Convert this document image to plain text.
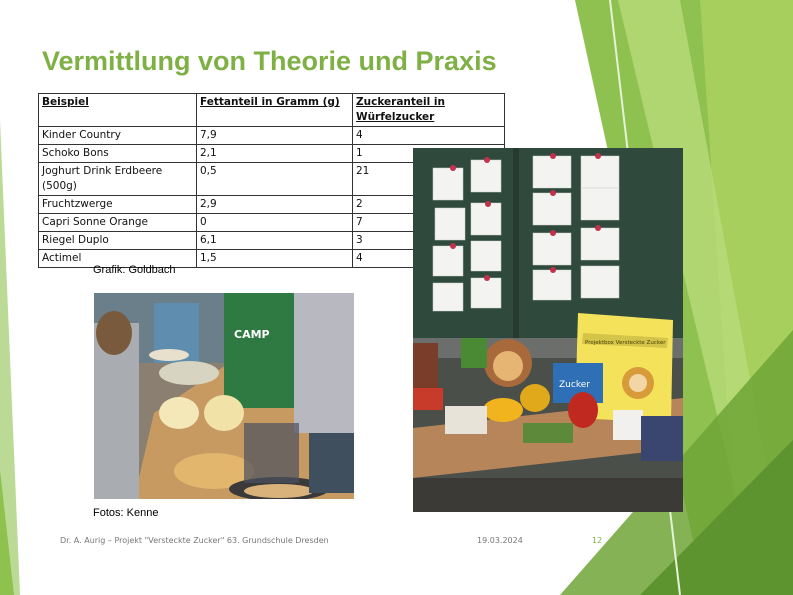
Vermittlung von Theorie und Praxis
Beispiel	Fettanteil in Gramm (g)	Zuckeranteil in Würfelzucker
Kinder Country	7,9	4
Schoko Bons	2,1	1
Joghurt Drink Erdbeere (500g)	0,5	21
Fruchtzwerge	2,9	2
Capri Sonne Orange	0	7
Riegel Duplo	6,1	3
Actimel	1,5	4
Grafik: Goldbach
CAMP
Fotos: Kenne
Projektbox Versteckte Zucker
Zucker
Dr. A. Aurig – Projekt "Versteckte Zucker" 63. Grundschule Dresden	19.03.2024	12
